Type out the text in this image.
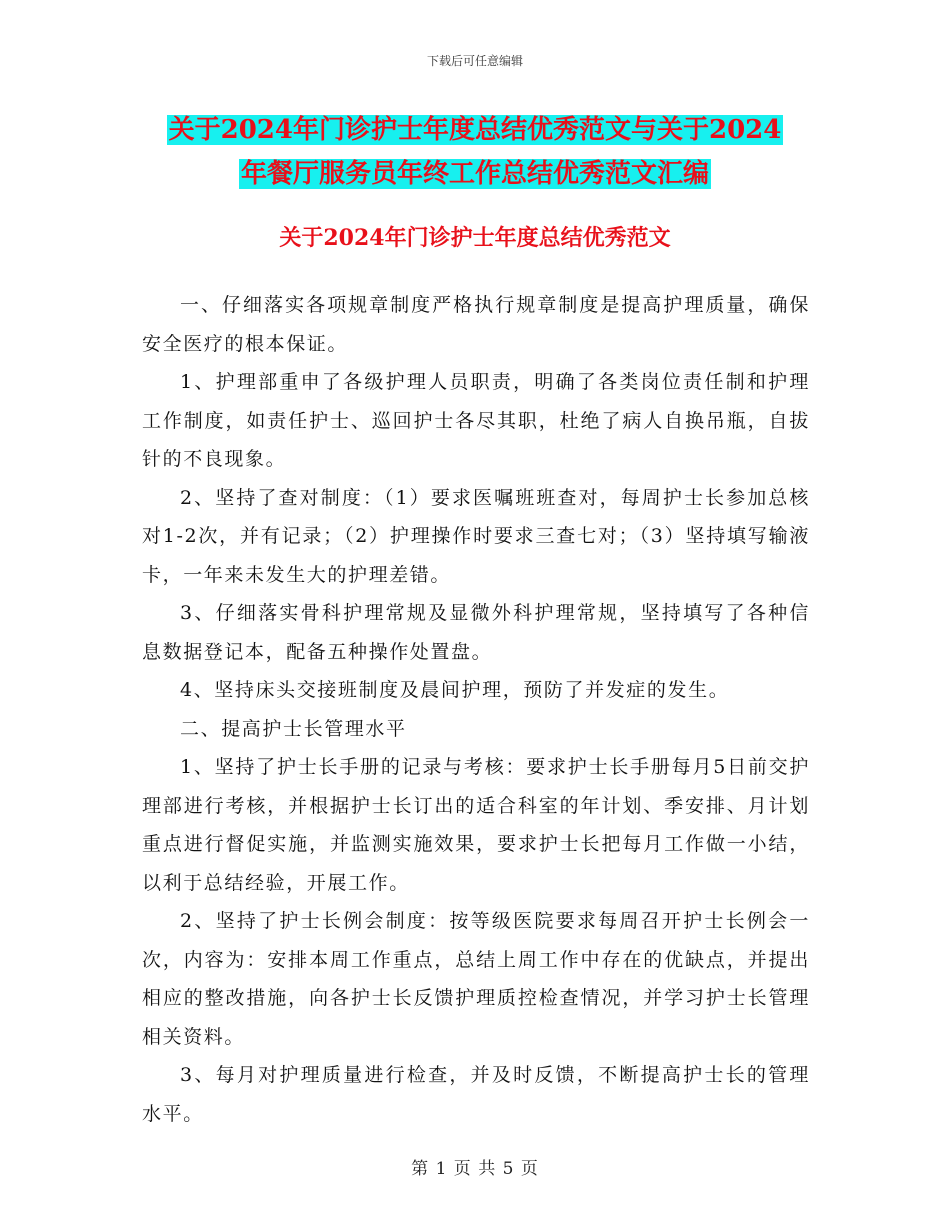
下载后可任意编辑
关于2024年门诊护士年度总结优秀范文与关于2024
年餐厅服务员年终工作总结优秀范文汇编
关于2024年门诊护士年度总结优秀范文

一、仔细落实各项规章制度严格执行规章制度是提高护理质量，确保安全医疗的根本保证。

1、护理部重申了各级护理人员职责，明确了各类岗位责任制和护理工作制度，如责任护士、巡回护士各尽其职，杜绝了病人自换吊瓶，自拔针的不良现象。

2、坚持了查对制度：（1）要求医嘱班班查对，每周护士长参加总核对1-2次，并有记录；（2）护理操作时要求三查七对；（3）坚持填写输液卡，一年来未发生大的护理差错。

3、仔细落实骨科护理常规及显微外科护理常规，坚持填写了各种信息数据登记本，配备五种操作处置盘。

4、坚持床头交接班制度及晨间护理，预防了并发症的发生。

二、提高护士长管理水平

1、坚持了护士长手册的记录与考核：要求护士长手册每月5日前交护理部进行考核，并根据护士长订出的适合科室的年计划、季安排、月计划重点进行督促实施，并监测实施效果，要求护士长把每月工作做一小结，以利于总结经验，开展工作。

2、坚持了护士长例会制度：按等级医院要求每周召开护士长例会一次，内容为：安排本周工作重点，总结上周工作中存在的优缺点，并提出相应的整改措施，向各护士长反馈护理质控检查情况，并学习护士长管理相关资料。

3、每月对护理质量进行检查，并及时反馈，不断提高护士长的管理水平。

第 1 页 共 5 页
